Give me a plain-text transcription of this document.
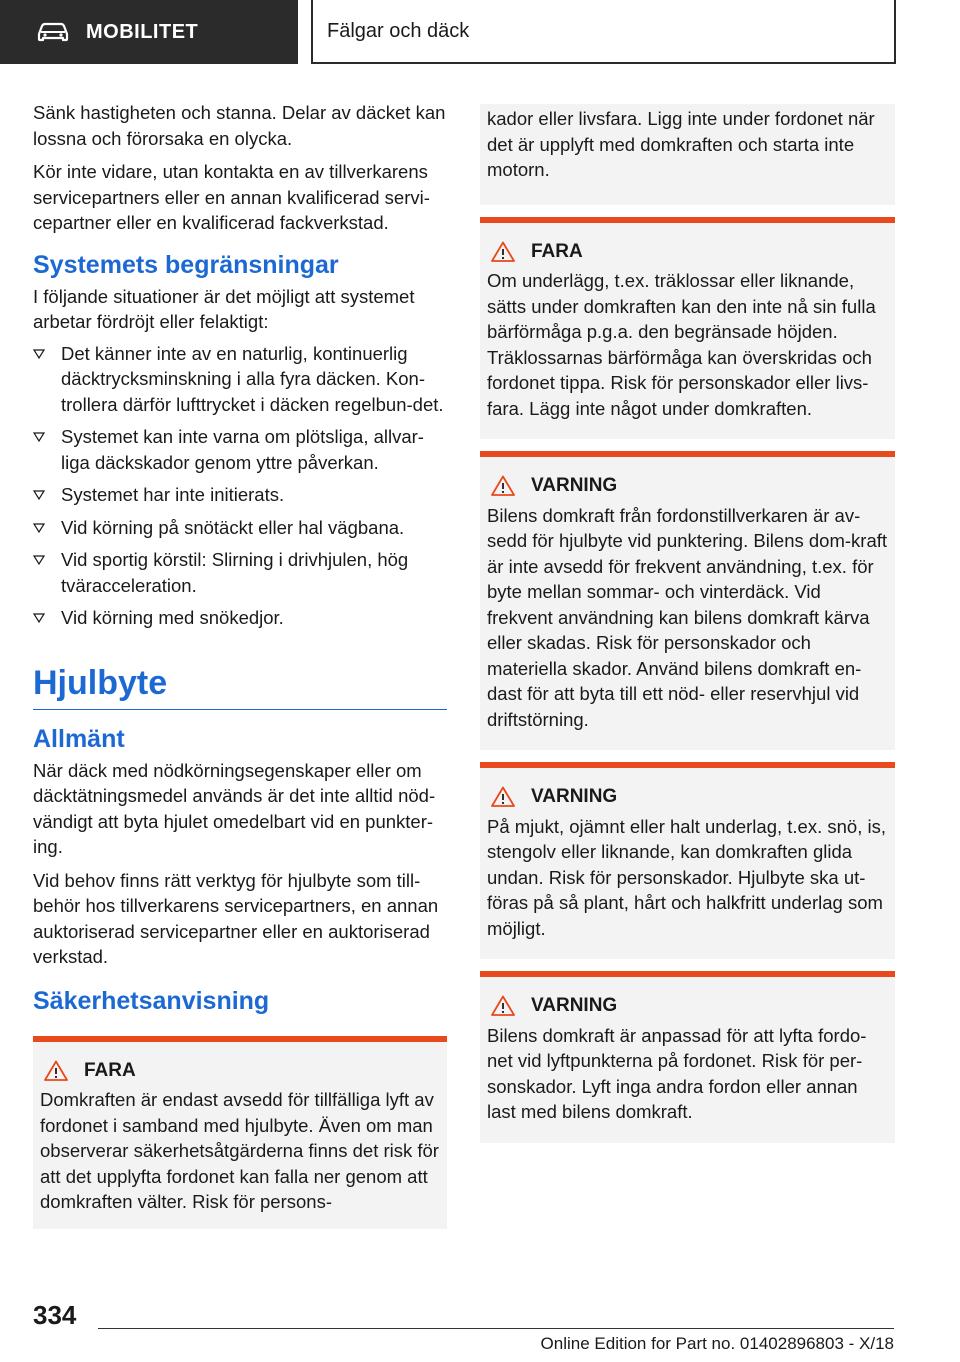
MOBILITET	Fälgar och däck

Sänk hastigheten och stanna. Delar av däcket kan lossna och förorsaka en olycka.

Kör inte vidare, utan kontakta en av tillverkarens servicepartners eller en annan kvalificerad servi-cepartner eller en kvalificerad fackverkstad.

Systemets begränsningar

I följande situationer är det möjligt att systemet arbetar fördröjt eller felaktigt:

Det känner inte av en naturlig, kontinuerlig däcktrycksminskning i alla fyra däcken. Kon-trollera därför lufttrycket i däcken regelbun-det.
Systemet kan inte varna om plötsliga, allvar-liga däckskador genom yttre påverkan.
Systemet har inte initierats.
Vid körning på snötäckt eller hal vägbana.
Vid sportig körstil: Slirning i drivhjulen, hög tväracceleration.
Vid körning med snökedjor.
Hjulbyte
Allmänt

När däck med nödkörningsegenskaper eller om däcktätningsmedel används är det inte alltid nöd-vändigt att byta hjulet omedelbart vid en punkter-ing.

Vid behov finns rätt verktyg för hjulbyte som till-behör hos tillverkarens servicepartners, en annan auktoriserad servicepartner eller en auktoriserad verkstad.

Säkerhetsanvisning
FARA
Domkraften är endast avsedd för tillfälliga lyft av fordonet i samband med hjulbyte. Även om man observerar säkerhetsåtgärderna finns det risk för att det upplyfta fordonet kan falla ner genom att domkraften välter. Risk för persons-
kador eller livsfara. Ligg inte under fordonet när det är upplyft med domkraften och starta inte motorn.
FARA
Om underlägg, t.ex. träklossar eller liknande, sätts under domkraften kan den inte nå sin fulla bärförmåga p.g.a. den begränsade höjden. Träklossarnas bärförmåga kan överskridas och fordonet tippa. Risk för personskador eller livs-fara. Lägg inte något under domkraften.
VARNING
Bilens domkraft från fordonstillverkaren är av-sedd för hjulbyte vid punktering. Bilens dom-kraft är inte avsedd för frekvent användning, t.ex. för byte mellan sommar- och vinterdäck. Vid frekvent användning kan bilens domkraft kärva eller skadas. Risk för personskador och materiella skador. Använd bilens domkraft en-dast för att byta till ett nöd- eller reservhjul vid driftstörning.
VARNING
På mjukt, ojämnt eller halt underlag, t.ex. snö, is, stengolv eller liknande, kan domkraften glida undan. Risk för personskador. Hjulbyte ska ut-föras på så plant, hårt och halkfritt underlag som möjligt.
VARNING
Bilens domkraft är anpassad för att lyfta fordo-net vid lyftpunkterna på fordonet. Risk för per-sonskador. Lyft inga andra fordon eller annan last med bilens domkraft.
334
Online Edition for Part no. 01402896803 - X/18
